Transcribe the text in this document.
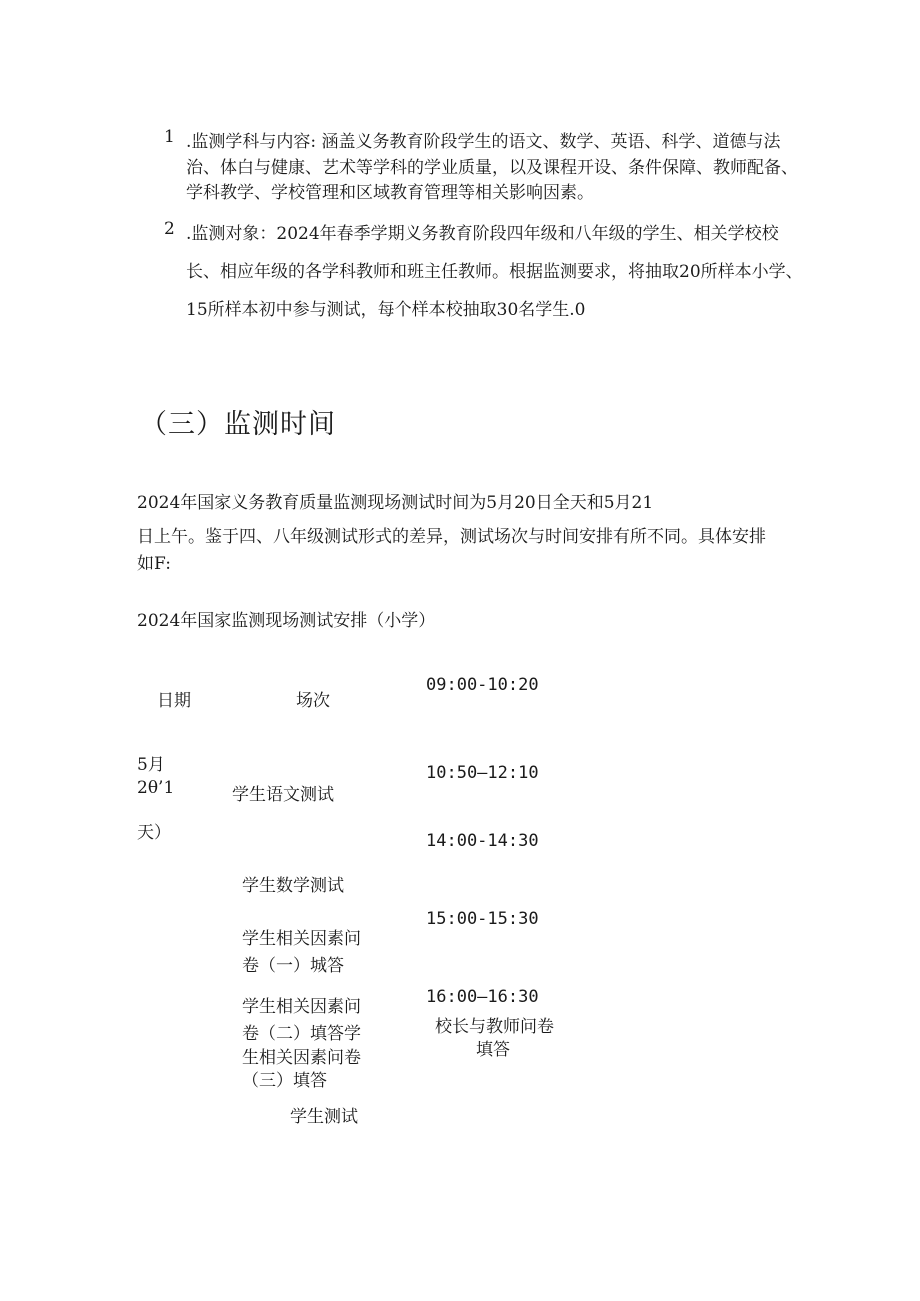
1 .监测学科与内容: 涵盖义务教育阶段学生的语文、数学、英语、科学、道德与法
治、体白与健康、艺术等学科的学业质量，以及课程开设、条件保障、教师配备、
学科教学、学校管理和区域教育管理等相关影响因素。
2 .监测对象：2024年春季学期义务教育阶段四年级和八年级的学生、相关学校校
长、相应年级的各学科教师和班主任教师。根据监测要求，将抽取20所样本小学、
15所样本初中参与测试，每个样本校抽取30名学生.0
（三）监测时间
2024年国家义务教育质量监测现场测试时间为5月20日全天和5月21
日上午。鉴于四、八年级测试形式的差异，测试场次与时间安排有所不同。具体安排
如F:
2024年国家监测现场测试安排（小学）
日期	场次
5月
2θ’1
天）
学生语文测试
学生数学测试
学生相关因素问
卷（一）城答
学生相关因素问
卷（二）填答学
生相关因素问卷
（三）填答
学生测试
09:00-10:20
10:50—12:10
14:00-14:30
15:00-15:30
16:00—16:30
校长与教师问卷
填答
